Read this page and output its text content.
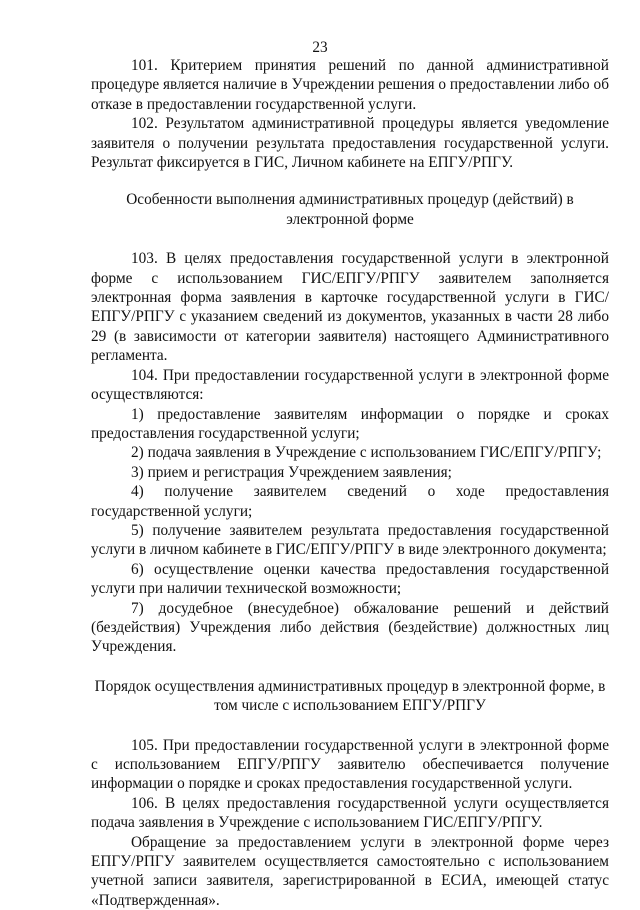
23

101. Критерием принятия решений по данной административной процедуре является наличие в Учреждении решения о предоставлении либо об отказе в предоставлении государственной услуги.

102. Результатом административной процедуры является уведомление заявителя о получении результата предоставления государственной услуги. Результат фиксируется в ГИС, Личном кабинете на ЕПГУ/РПГУ.

Особенности выполнения административных процедур (действий) в электронной форме

103. В целях предоставления государственной услуги в электронной форме с использованием ГИС/ЕПГУ/РПГУ заявителем заполняется электронная форма заявления в карточке государственной услуги в ГИС/ЕПГУ/РПГУ с указанием сведений из документов, указанных в части 28 либо 29 (в зависимости от категории заявителя) настоящего Административного регламента.

104. При предоставлении государственной услуги в электронной форме осуществляются:

1) предоставление заявителям информации о порядке и сроках предоставления государственной услуги;

2) подача заявления в Учреждение с использованием ГИС/ЕПГУ/РПГУ;

3) прием и регистрация Учреждением заявления;

4) получение заявителем сведений о ходе предоставления государственной услуги;

5) получение заявителем результата предоставления государственной услуги в личном кабинете в ГИС/ЕПГУ/РПГУ в виде электронного документа;

6) осуществление оценки качества предоставления государственной услуги при наличии технической возможности;

7) досудебное (внесудебное) обжалование решений и действий (бездействия) Учреждения либо действия (бездействие) должностных лиц Учреждения.

Порядок осуществления административных процедур в электронной форме, в том числе с использованием ЕПГУ/РПГУ

105. При предоставлении государственной услуги в электронной форме с использованием ЕПГУ/РПГУ заявителю обеспечивается получение информации о порядке и сроках предоставления государственной услуги.

106. В целях предоставления государственной услуги осуществляется подача заявления в Учреждение с использованием ГИС/ЕПГУ/РПГУ.

Обращение за предоставлением услуги в электронной форме через ЕПГУ/РПГУ заявителем осуществляется самостоятельно с использованием учетной записи заявителя, зарегистрированной в ЕСИА, имеющей статус «Подтвержденная».
